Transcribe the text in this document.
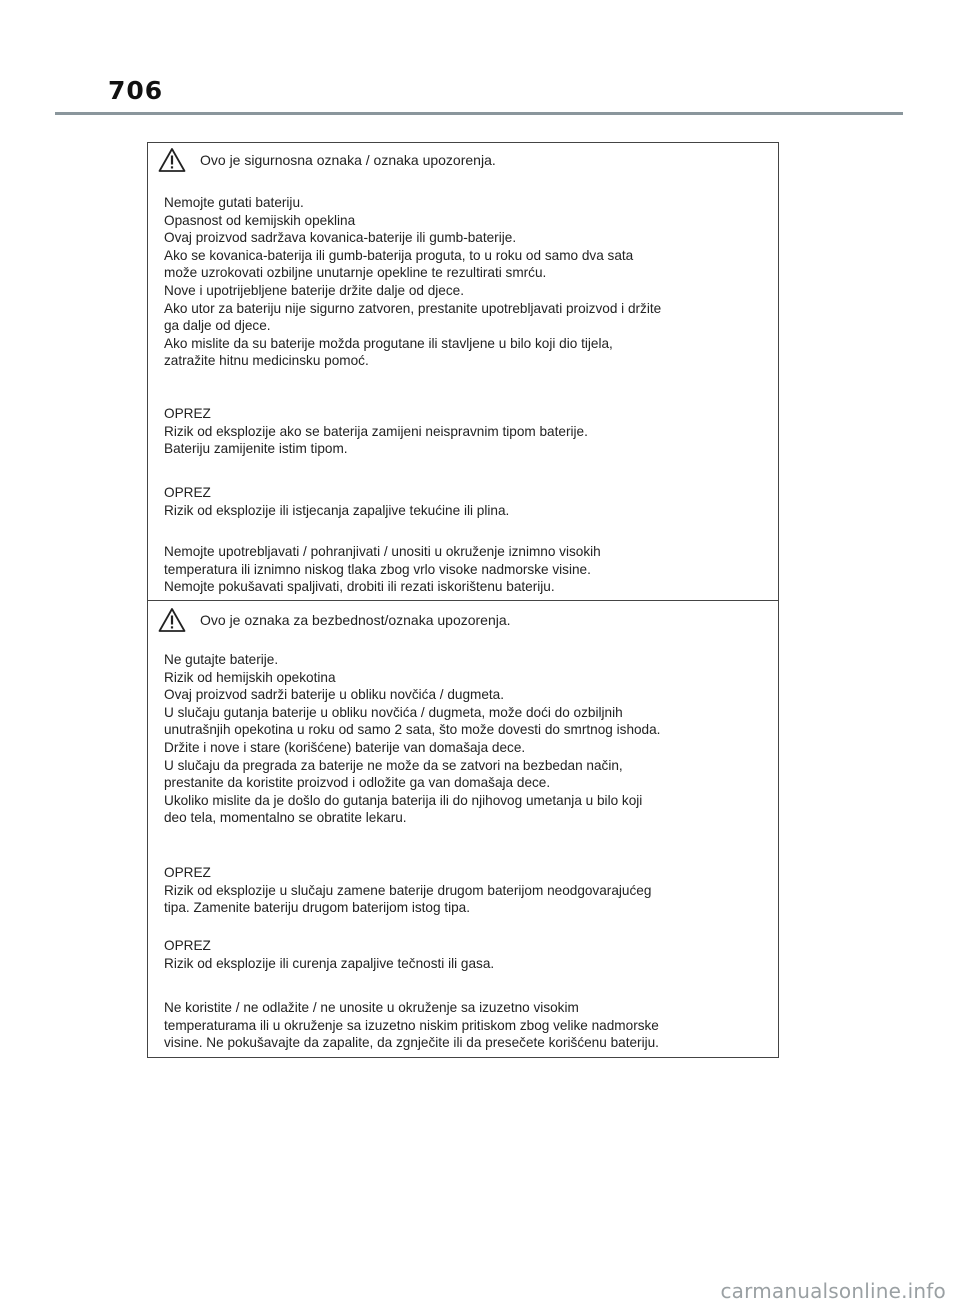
706
Ovo je sigurnosna oznaka / oznaka upozorenja.
Nemojte gutati bateriju.
Opasnost od kemijskih opeklina
Ovaj proizvod sadržava kovanica-baterije ili gumb-baterije.
Ako se kovanica-baterija ili gumb-baterija proguta, to u roku od samo dva sata
može uzrokovati ozbiljne unutarnje opekline te rezultirati smrću.
Nove i upotrijebljene baterije držite dalje od djece.
Ako utor za bateriju nije sigurno zatvoren, prestanite upotrebljavati proizvod i držite
ga dalje od djece.
Ako mislite da su baterije možda progutane ili stavljene u bilo koji dio tijela,
zatražite hitnu medicinsku pomoć.
OPREZ
Rizik od eksplozije ako se baterija zamijeni neispravnim tipom baterije.
Bateriju zamijenite istim tipom.
OPREZ
Rizik od eksplozije ili istjecanja zapaljive tekućine ili plina.
Nemojte upotrebljavati / pohranjivati / unositi u okruženje iznimno visokih
temperatura ili iznimno niskog tlaka zbog vrlo visoke nadmorske visine.
Nemojte pokušavati spaljivati, drobiti ili rezati iskorištenu bateriju.
Ovo je oznaka za bezbednost/oznaka upozorenja.
Ne gutajte baterije.
Rizik od hemijskih opekotina
Ovaj proizvod sadrži baterije u obliku novčića / dugmeta.
U slučaju gutanja baterije u obliku novčića / dugmeta, može doći do ozbiljnih
unutrašnjih opekotina u roku od samo 2 sata, što može dovesti do smrtnog ishoda.
Držite i nove i stare (korišćene) baterije van domašaja dece.
U slučaju da pregrada za baterije ne može da se zatvori na bezbedan način,
prestanite da koristite proizvod i odložite ga van domašaja dece.
Ukoliko mislite da je došlo do gutanja baterija ili do njihovog umetanja u bilo koji
deo tela, momentalno se obratite lekaru.
OPREZ
Rizik od eksplozije u slučaju zamene baterije drugom baterijom neodgovarajućeg
tipa. Zamenite bateriju drugom baterijom istog tipa.
OPREZ
Rizik od eksplozije ili curenja zapaljive tečnosti ili gasa.
Ne koristite / ne odlažite / ne unosite u okruženje sa izuzetno visokim
temperaturama ili u okruženje sa izuzetno niskim pritiskom zbog velike nadmorske
visine. Ne pokušavajte da zapalite, da zgnječite ili da presečete korišćenu bateriju.
carmanualsonline.info
